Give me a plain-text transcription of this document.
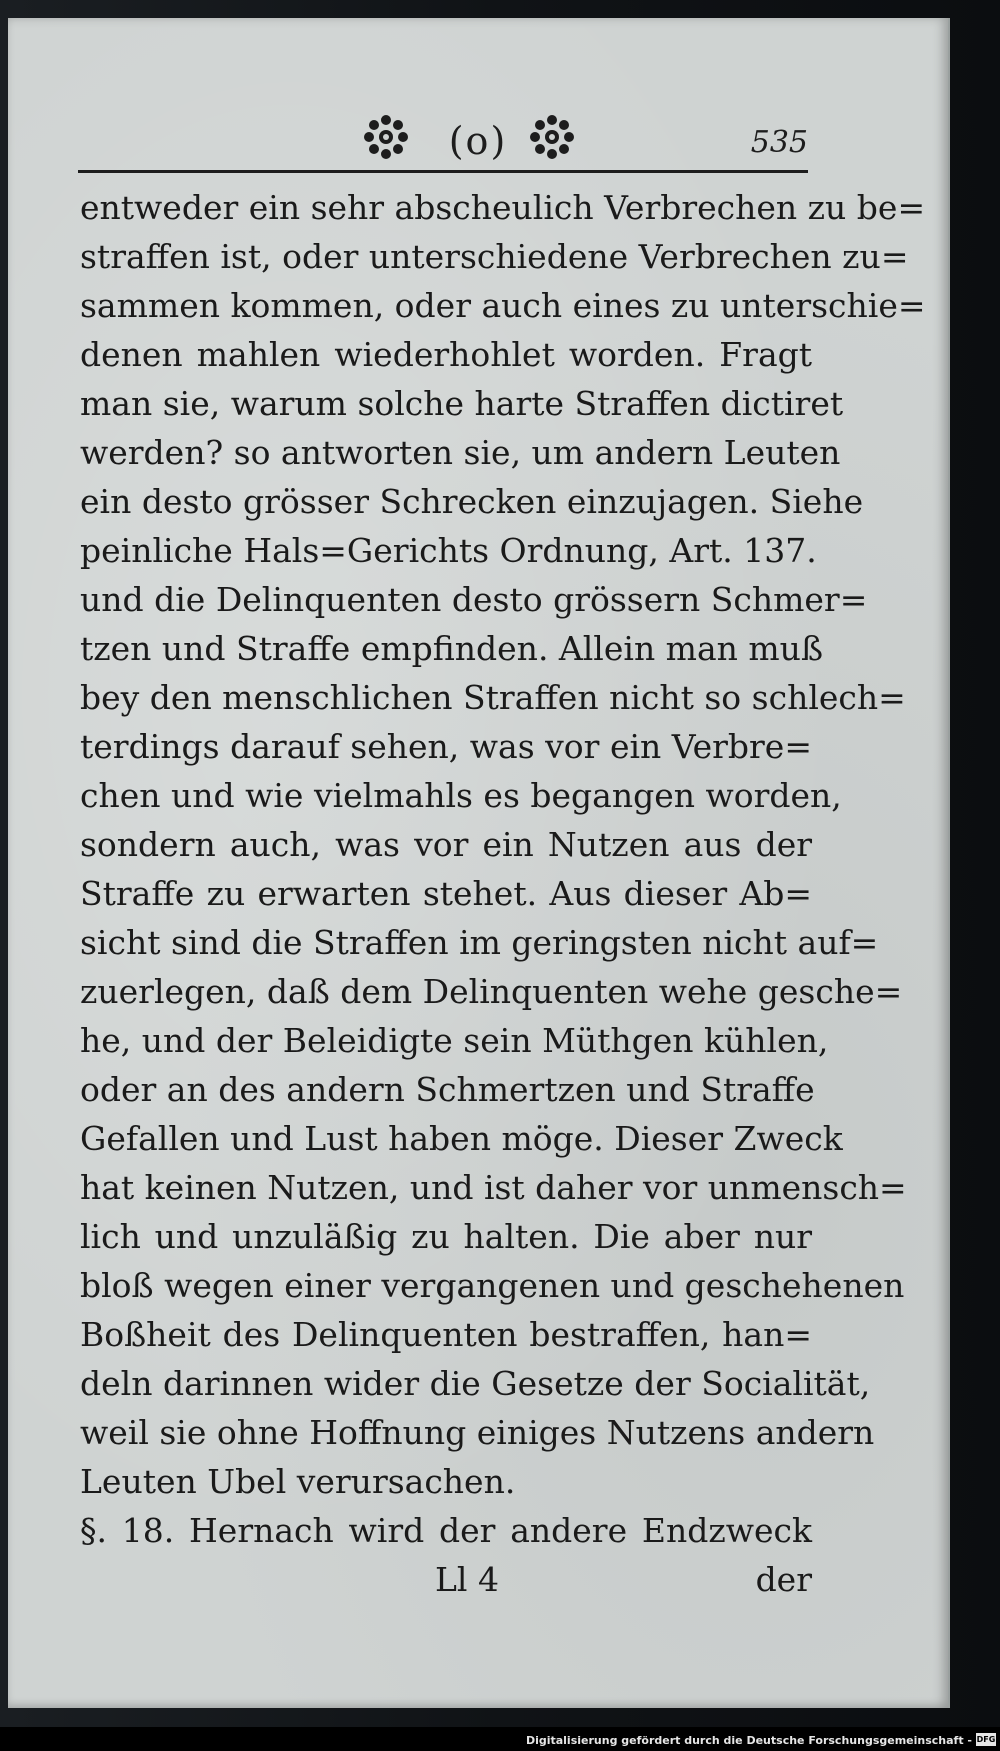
(o)	535
entweder ein sehr abscheulich Verbrechen zu be=
straffen ist, oder unterschiedene Verbrechen zu=
sammen kommen, oder auch eines zu unterschie=
denen mahlen wiederhohlet worden. Fragt
man sie, warum solche harte Straffen dictiret
werden? so antworten sie, um andern Leuten
ein desto grösser Schrecken einzujagen. Siehe
peinliche Hals=Gerichts Ordnung, Art. 137.
und die Delinquenten desto grössern Schmer=
tzen und Straffe empfinden. Allein man muß
bey den menschlichen Straffen nicht so schlech=
terdings darauf sehen, was vor ein Verbre=
chen und wie vielmahls es begangen worden,
sondern auch, was vor ein Nutzen aus der
Straffe zu erwarten stehet. Aus dieser Ab=
sicht sind die Straffen im geringsten nicht auf=
zuerlegen, daß dem Delinquenten wehe gesche=
he, und der Beleidigte sein Müthgen kühlen,
oder an des andern Schmertzen und Straffe
Gefallen und Lust haben möge. Dieser Zweck
hat keinen Nutzen, und ist daher vor unmensch=
lich und unzuläßig zu halten. Die aber nur
bloß wegen einer vergangenen und geschehenen
Boßheit des Delinquenten bestraffen, han=
deln darinnen wider die Gesetze der Socialität,
weil sie ohne Hoffnung einiges Nutzens andern
Leuten Ubel verursachen.
§. 18. Hernach wird der andere Endzweck
Ll 4	der
Digitalisierung gefördert durch die Deutsche Forschungsgemeinschaft - DFG
